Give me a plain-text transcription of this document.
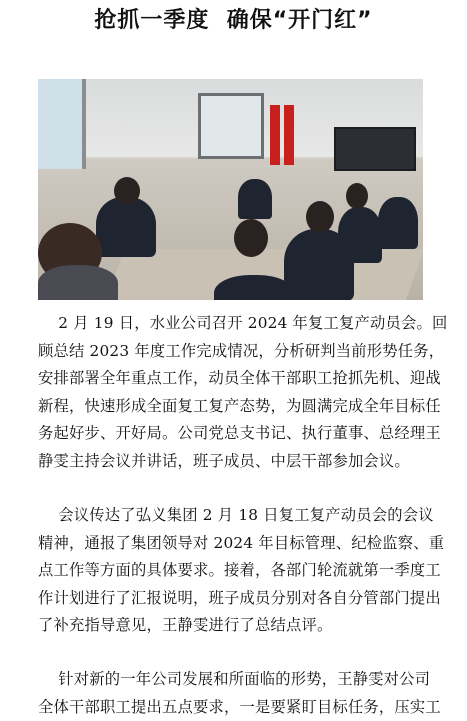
抢抓一季度  确保“开门红”
2 月 19 日，水业公司召开 2024 年复工复产动员会。回
顾总结 2023 年度工作完成情况，分析研判当前形势任务，
安排部署全年重点工作，动员全体干部职工抢抓先机、迎战
新程，快速形成全面复工复产态势，为圆满完成全年目标任
务起好步、开好局。公司党总支书记、执行董事、总经理王
静雯主持会议并讲话，班子成员、中层干部参加会议。
会议传达了弘义集团 2 月 18 日复工复产动员会的会议
精神，通报了集团领导对 2024 年目标管理、纪检监察、重
点工作等方面的具体要求。接着，各部门轮流就第一季度工
作计划进行了汇报说明，班子成员分别对各自分管部门提出
了补充指导意见，王静雯进行了总结点评。
针对新的一年公司发展和所面临的形势，王静雯对公司
全体干部职工提出五点要求，一是要紧盯目标任务，压实工
